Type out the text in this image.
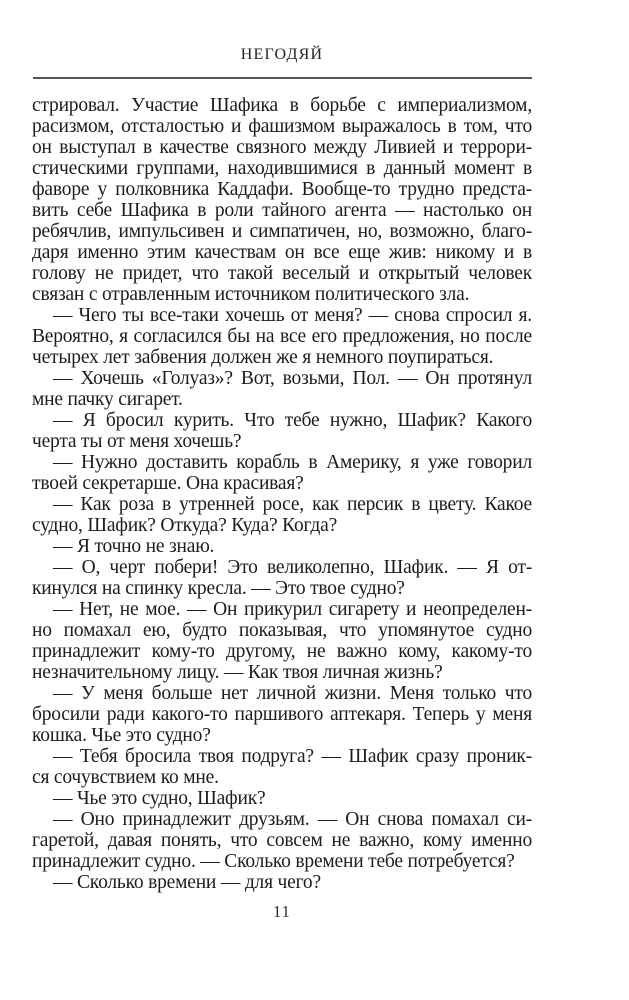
НЕГОДЯЙ
стрировал. Участие Шафика в борьбе с империализмом,
расизмом, отсталостью и фашизмом выражалось в том, что
он выступал в качестве связного между Ливией и террори-
стическими группами, находившимися в данный момент в
фаворе у полковника Каддафи. Вообще-то трудно предста-
вить себе Шафика в роли тайного агента — настолько он
ребячлив, импульсивен и симпатичен, но, возможно, благо-
даря именно этим качествам он все еще жив: никому и в
голову не придет, что такой веселый и открытый человек
связан с отравленным источником политического зла.
— Чего ты все-таки хочешь от меня? — снова спросил я.
Вероятно, я согласился бы на все его предложения, но после
четырех лет забвения должен же я немного поупираться.
— Хочешь «Голуаз»? Вот, возьми, Пол. — Он протянул
мне пачку сигарет.
— Я бросил курить. Что тебе нужно, Шафик? Какого
черта ты от меня хочешь?
— Нужно доставить корабль в Америку, я уже говорил
твоей секретарше. Она красивая?
— Как роза в утренней росе, как персик в цвету. Какое
судно, Шафик? Откуда? Куда? Когда?
— Я точно не знаю.
— О, черт побери! Это великолепно, Шафик. — Я от-
кинулся на спинку кресла. — Это твое судно?
— Нет, не мое. — Он прикурил сигарету и неопределен-
но помахал ею, будто показывая, что упомянутое судно
принадлежит кому-то другому, не важно кому, какому-то
незначительному лицу. — Как твоя личная жизнь?
— У меня больше нет личной жизни. Меня только что
бросили ради какого-то паршивого аптекаря. Теперь у меня
кошка. Чье это судно?
— Тебя бросила твоя подруга? — Шафик сразу проник-
ся сочувствием ко мне.
— Чье это судно, Шафик?
— Оно принадлежит друзьям. — Он снова помахал си-
гаретой, давая понять, что совсем не важно, кому именно
принадлежит судно. — Сколько времени тебе потребуется?
— Сколько времени — для чего?
11
